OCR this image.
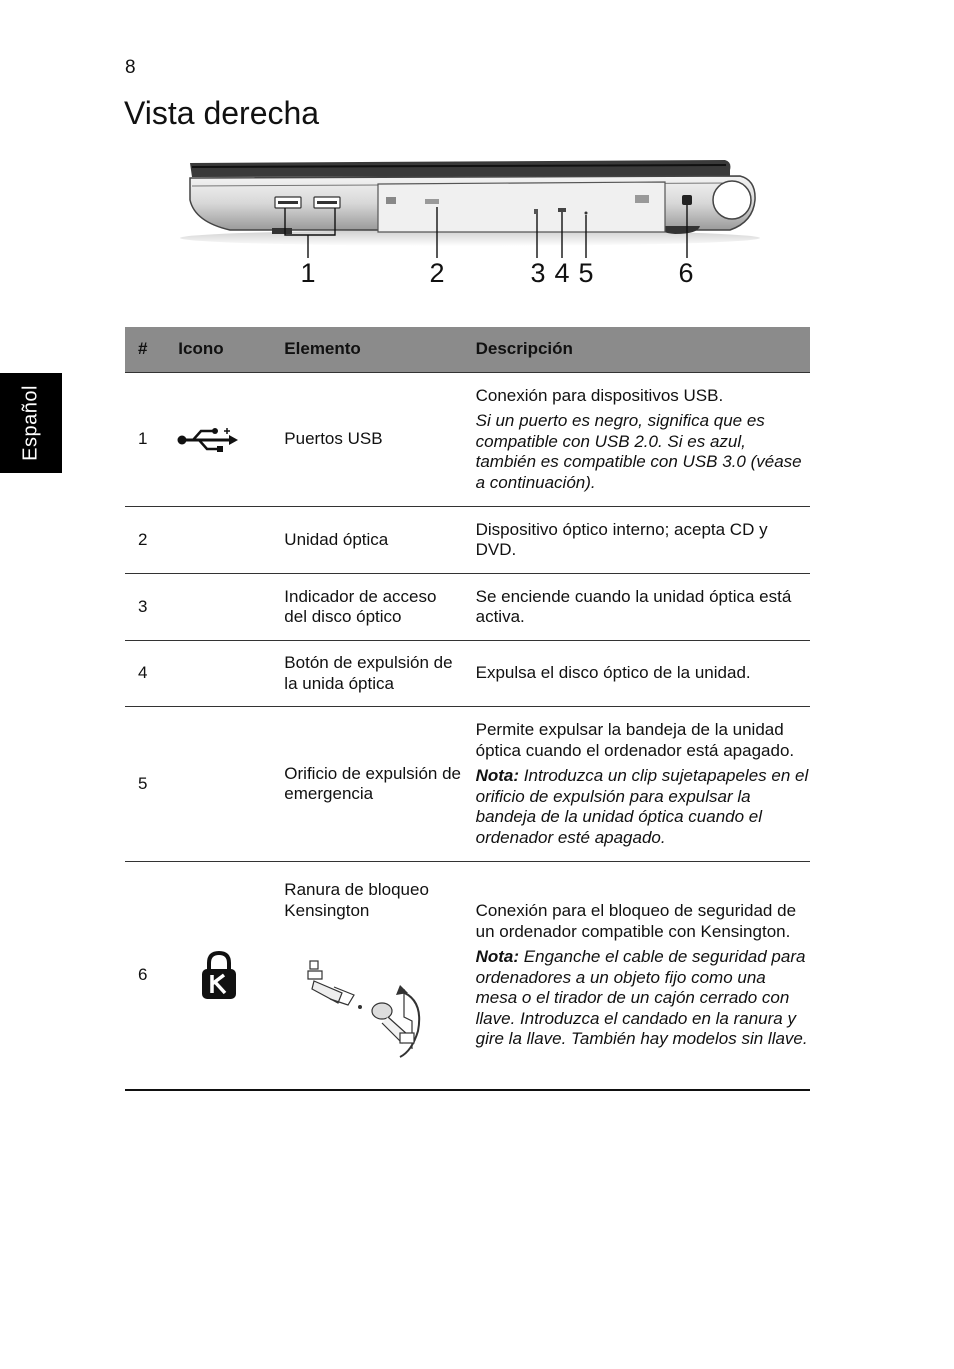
8
Vista derecha
Español
1	2	3 4 5	6
#	Icono	Elemento	Descripción
1		Puertos USB	Conexión para dispositivos USB.

Si un puerto es negro, significa que es compatible con USB 2.0. Si es azul, también es compatible con USB 3.0 (véase a continuación).

2		Unidad óptica	Dispositivo óptico interno; acepta CD y DVD.

3		Indicador de acceso del disco óptico	Se enciende cuando la unidad óptica está activa.

4		Botón de expulsión de la unida óptica	Expulsa el disco óptico de la unidad.

5		Orificio de expulsión de emergencia	Permite expulsar la bandeja de la unidad óptica cuando el ordenador está apagado.

Nota: Introduzca un clip sujetapapeles en el orificio de expulsión para expulsar la bandeja de la unidad óptica cuando el ordenador esté apagado.

6		Ranura de bloqueo Kensington	Conexión para el bloqueo de seguridad de un ordenador compatible con Kensington.

Nota: Enganche el cable de seguridad para ordenadores a un objeto fijo como una mesa o el tirador de un cajón cerrado con llave. Introduzca el candado en la ranura y gire la llave. También hay modelos sin llave.
